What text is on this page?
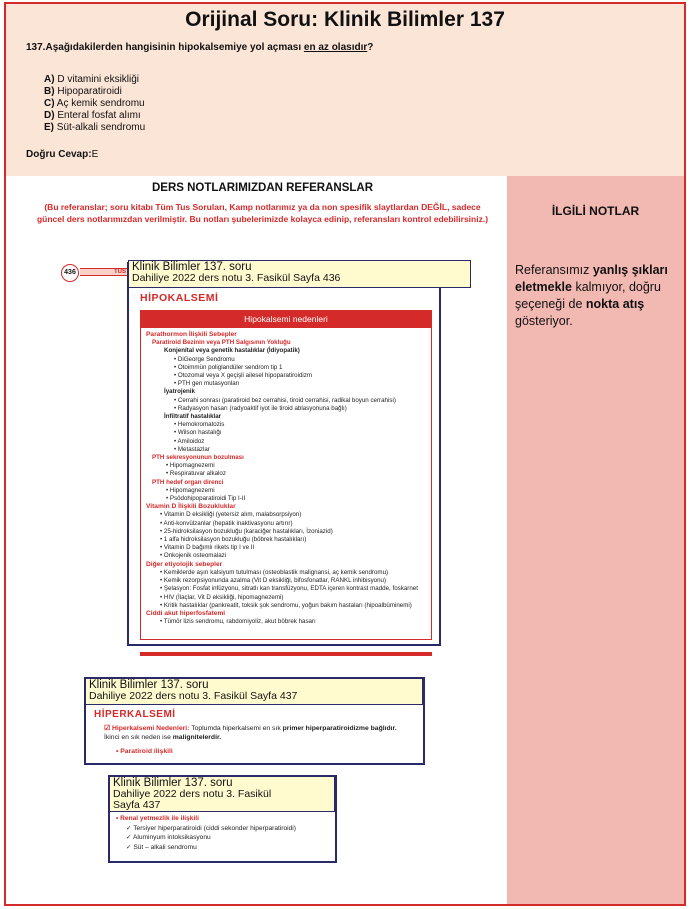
Orijinal Soru: Klinik Bilimler 137
137.Aşağıdakilerden hangisinin hipokalsemiye yol açması en az olasıdır?
A) D vitamini eksikliği
B) Hipoparatiroidi
C) Aç kemik sendromu
D) Enteral fosfat alımı
E) Süt-alkali sendromu
Doğru Cevap:E
İLGİLİ NOTLAR
Referansımız yanlış şıkları eletmekle kalmıyor, doğru şeçeneği de nokta atış gösteriyor.
DERS NOTLARIMIZDAN REFERANSLAR
(Bu referanslar; soru kitabı Tüm Tus Soruları, Kamp notlarımız ya da non spesifik slaytlardan DEĞİL, sadece güncel ders notlarımızdan verilmiştir. Bu notları şubelerimizde kolayca edinip, referansları kontrol edebilirsiniz.)
436	TUS Klinik Bilimler 137. soru
Dahiliye 2022 ders notu 3. Fasikül Sayfa 436
HİPOKALSEMİ
Hipokalsemi nedenleri
Parathormon İlişkili Sebepler
Paratiroid Bezinin veya PTH Salgısının Yokluğu
Konjenital veya genetik hastalıklar (İdiyopatik)
• DiGeorge Sendromu
• Otoimmün poliglandüler sendrom tip 1
• Otozomal veya X geçişli ailesel hipoparatiroidizm
• PTH gen mutasyonları
İyatrojenik
• Cerrahi sonrası (paratiroid bez cerrahisi, tiroid cerrahisi, radikal boyun cerrahisi)
• Radyasyon hasarı (radyoaktif iyot ile tiroid ablasyonuna bağlı)
İnfiltratif hastalıklar
• Hemokromatozis
• Wilson hastalığı
• Amiloidoz
• Metastazlar
PTH sekresyonunun bozulması
• Hipomagnezemi
• Respiratuvar alkaloz
PTH hedef organ direnci
• Hipomagnezemi
• Psödohipoparatiroidi Tip I-II
Vitamin D İlişkili Bozukluklar
• Vitamin D eksikliği (yetersiz alım, malabsorpsiyon)
• Anti-konvülzanlar (hepatik inaktivasyonu artırır)
• 25-hidroksilasyon bozukluğu (karaciğer hastalıkları, İzoniazid)
• 1 alfa hidroksilasyon bozukluğu (böbrek hastalıkları)
• Vitamin D bağımlı rikets tip I ve II
• Onkojenik osteomalazi
Diğer etiyolojik sebepler
• Kemiklerde aşırı kalsiyum tutulması (osteoblastik malignansi, aç kemik sendromu)
• Kemik rezorpsiyonunda azalma (Vit D eksikliği, bifosfonatlar, RANKL inhibisyonu)
• Şelasyon: Fosfat infüzyonu, sitratlı kan transfüzyonu, EDTA içeren kontrast madde, foskarnet
• HIV (İlaçlar, Vit D eksikliği, hipomagnezemi)
• Kritik hastalıklar (pankreatit, toksik şok sendromu, yoğun bakım hastaları (hipoalbüminemi)
Ciddi akut hiperfosfatemi
• Tümör lizis sendromu, rabdomiyoliz, akut böbrek hasarı
Klinik Bilimler 137. soru
Dahiliye 2022 ders notu 3. Fasikül Sayfa 437
HİPERKALSEMİ
☑ Hiperkalsemi Nedenleri: Toplumda hiperkalsemi en sık primer hiperparatiroidizme bağlıdır. İkinci en sık neden ise malignitelerdir.
• Paratiroid ilişkili
Klinik Bilimler 137. soru
Dahiliye 2022 ders notu 3. Fasikül
Sayfa 437
• Renal yetmezlik ile ilişkili
✓ Tersiyer hiperparatiroidi (ciddi sekonder hiperparatiroidi)
✓ Aluminyum intoksikasyonu
✓ Süt – alkali sendromu
